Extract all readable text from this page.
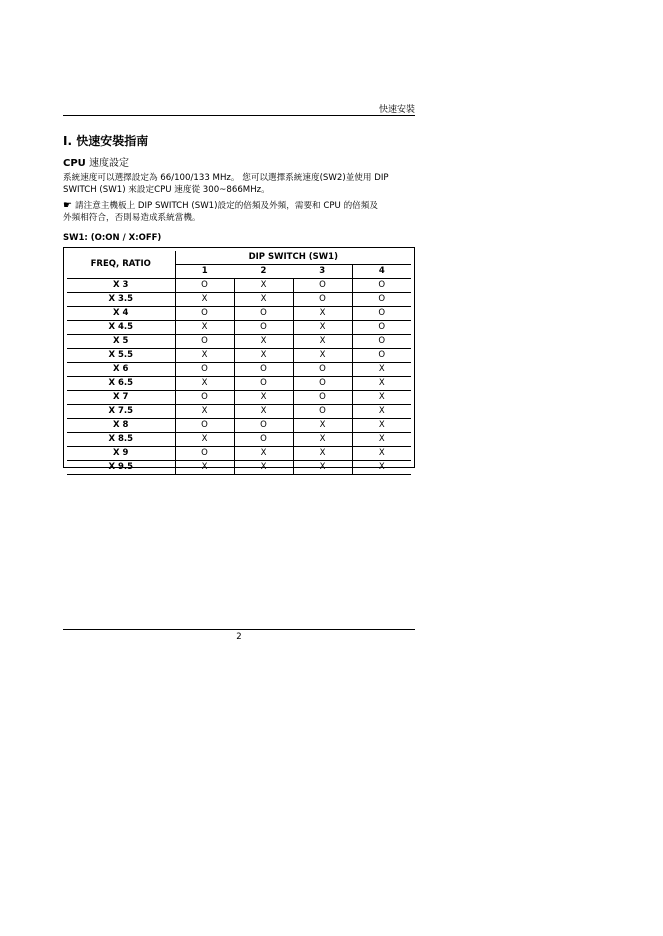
快速安裝
I. 快速安裝指南
CPU 速度設定
系統速度可以選擇設定為 66/100/133 MHz。 您可以選擇系統速度(SW2)並使用 DIP
SWITCH (SW1) 來設定CPU 速度從 300~866MHz。
☛ 請注意主機板上 DIP SWITCH (SW1)設定的倍頻及外頻，需要和 CPU 的倍頻及
外頻相符合，否則易造成系統當機。
SW1: (O:ON / X:OFF)
FREQ, RATIO	DIP SWITCH (SW1)			
	1	2	3	4
X 3	O	X	O	O
X 3.5	X	X	O	O
X 4	O	O	X	O
X 4.5	X	O	X	O
X 5	O	X	X	O
X 5.5	X	X	X	O
X 6	O	O	O	X
X 6.5	X	O	O	X
X 7	O	X	O	X
X 7.5	X	X	O	X
X 8	O	O	X	X
X 8.5	X	O	X	X
X 9	O	X	X	X
X 9.5	X	X	X	X
2
